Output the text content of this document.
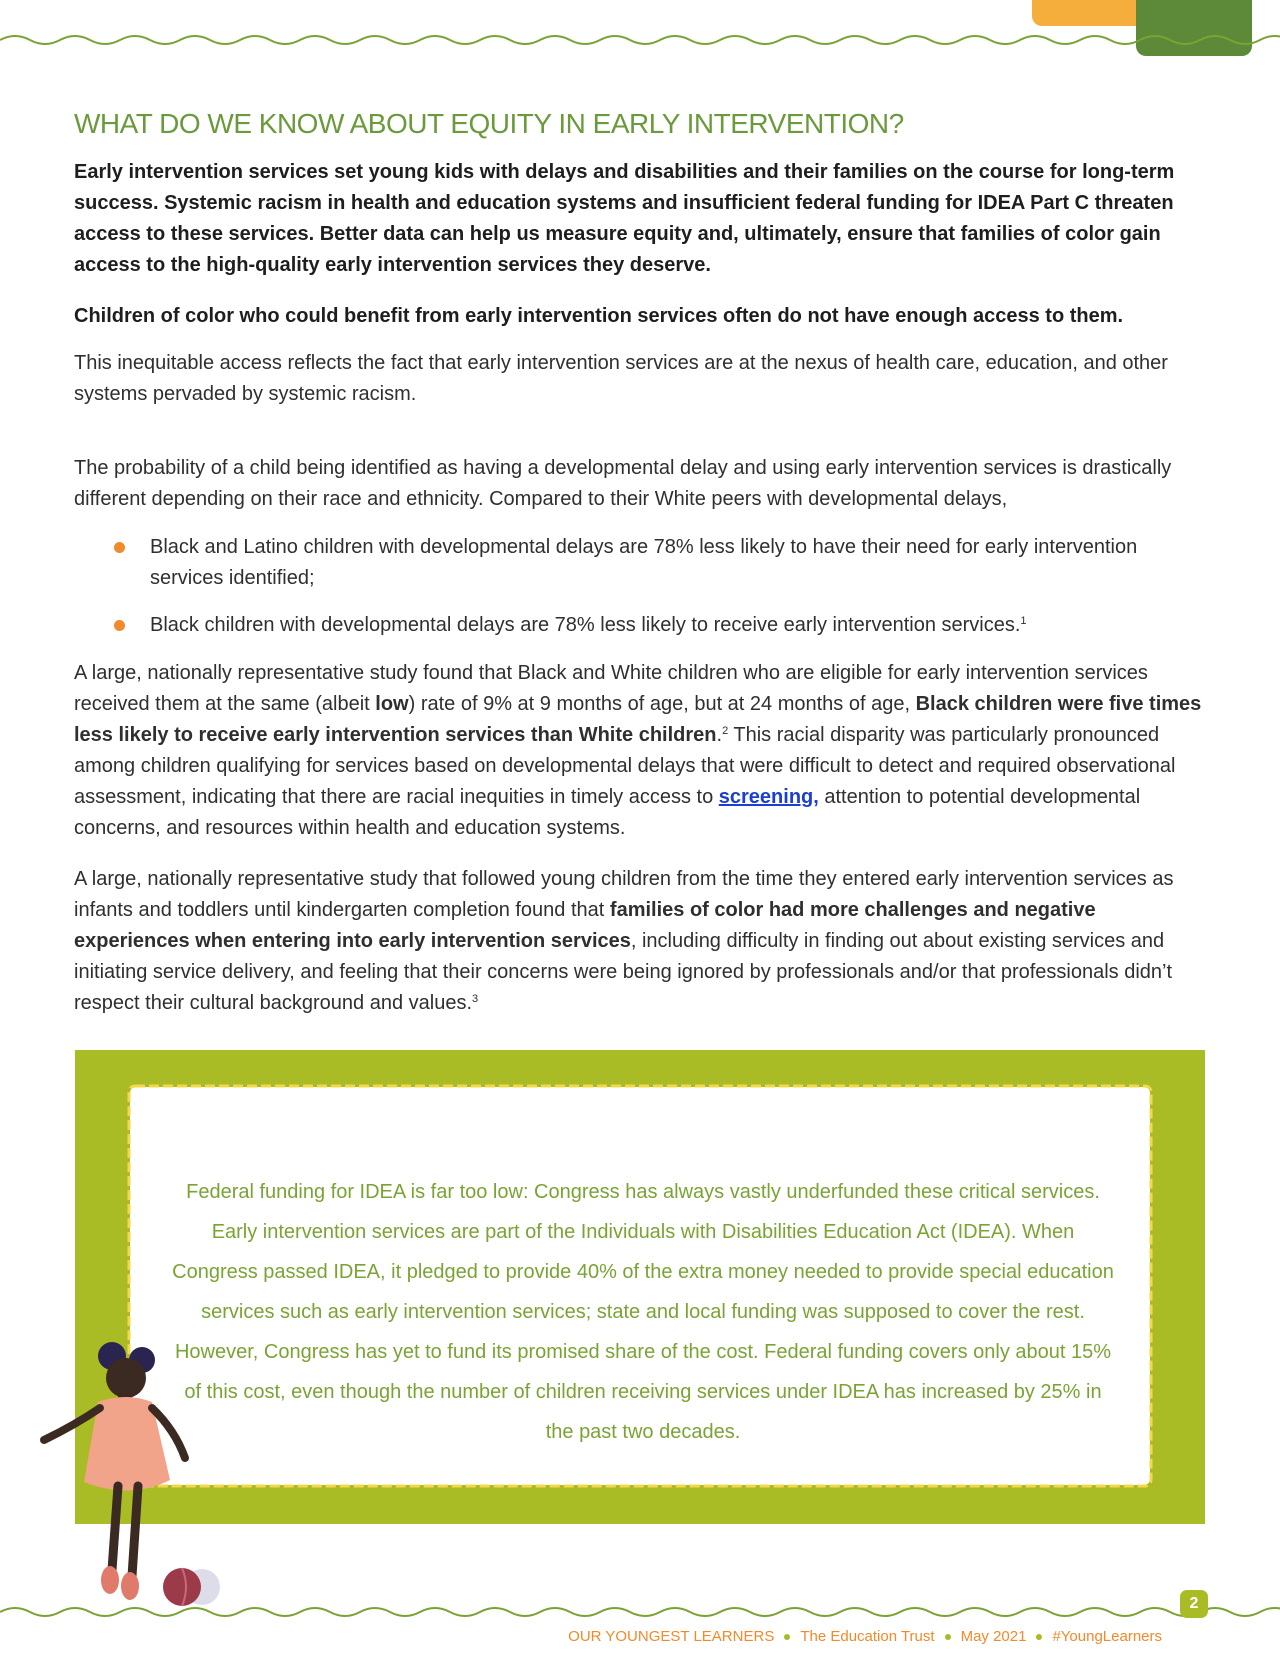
WHAT DO WE KNOW ABOUT EQUITY IN EARLY INTERVENTION?

Early intervention services set young kids with delays and disabilities and their families on the course for long-term success. Systemic racism in health and education systems and insufficient federal funding for IDEA Part C threaten access to these services. Better data can help us measure equity and, ultimately, ensure that families of color gain access to the high-quality early intervention services they deserve.

Children of color who could benefit from early intervention services often do not have enough access to them.

This inequitable access reflects the fact that early intervention services are at the nexus of health care, education, and other systems pervaded by systemic racism.

The probability of a child being identified as having a developmental delay and using early intervention services is drastically different depending on their race and ethnicity. Compared to their White peers with developmental delays,

Black and Latino children with developmental delays are 78% less likely to have their need for early intervention services identified;

Black children with developmental delays are 78% less likely to receive early intervention services.$^1$

A large, nationally representative study found that Black and White children who are eligible for early intervention services received them at the same (albeit low) rate of 9% at 9 months of age, but at 24 months of age, Black children were five times less likely to receive early intervention services than White children.$^2$ This racial disparity was particularly pronounced among children qualifying for services based on developmental delays that were difficult to detect and required observational assessment, indicating that there are racial inequities in timely access to screening, attention to potential developmental concerns, and resources within health and education systems.

A large, nationally representative study that followed young children from the time they entered early intervention services as infants and toddlers until kindergarten completion found that families of color had more challenges and negative experiences when entering into early intervention services, including difficulty in finding out about existing services and initiating service delivery, and feeling that their concerns were being ignored by professionals and/or that professionals didn’t respect their cultural background and values.$^3$

Federal funding for IDEA is far too low: Congress has always vastly underfunded these critical services. Early intervention services are part of the Individuals with Disabilities Education Act (IDEA). When Congress passed IDEA, it pledged to provide 40% of the extra money needed to provide special education services such as early intervention services; state and local funding was supposed to cover the rest. However, Congress has yet to fund its promised share of the cost. Federal funding covers only about 15% of this cost, even though the number of children receiving services under IDEA has increased by 25% in the past two decades.

2
OUR YOUNGEST LEARNERS The Education Trust May 2021 #YoungLearners
